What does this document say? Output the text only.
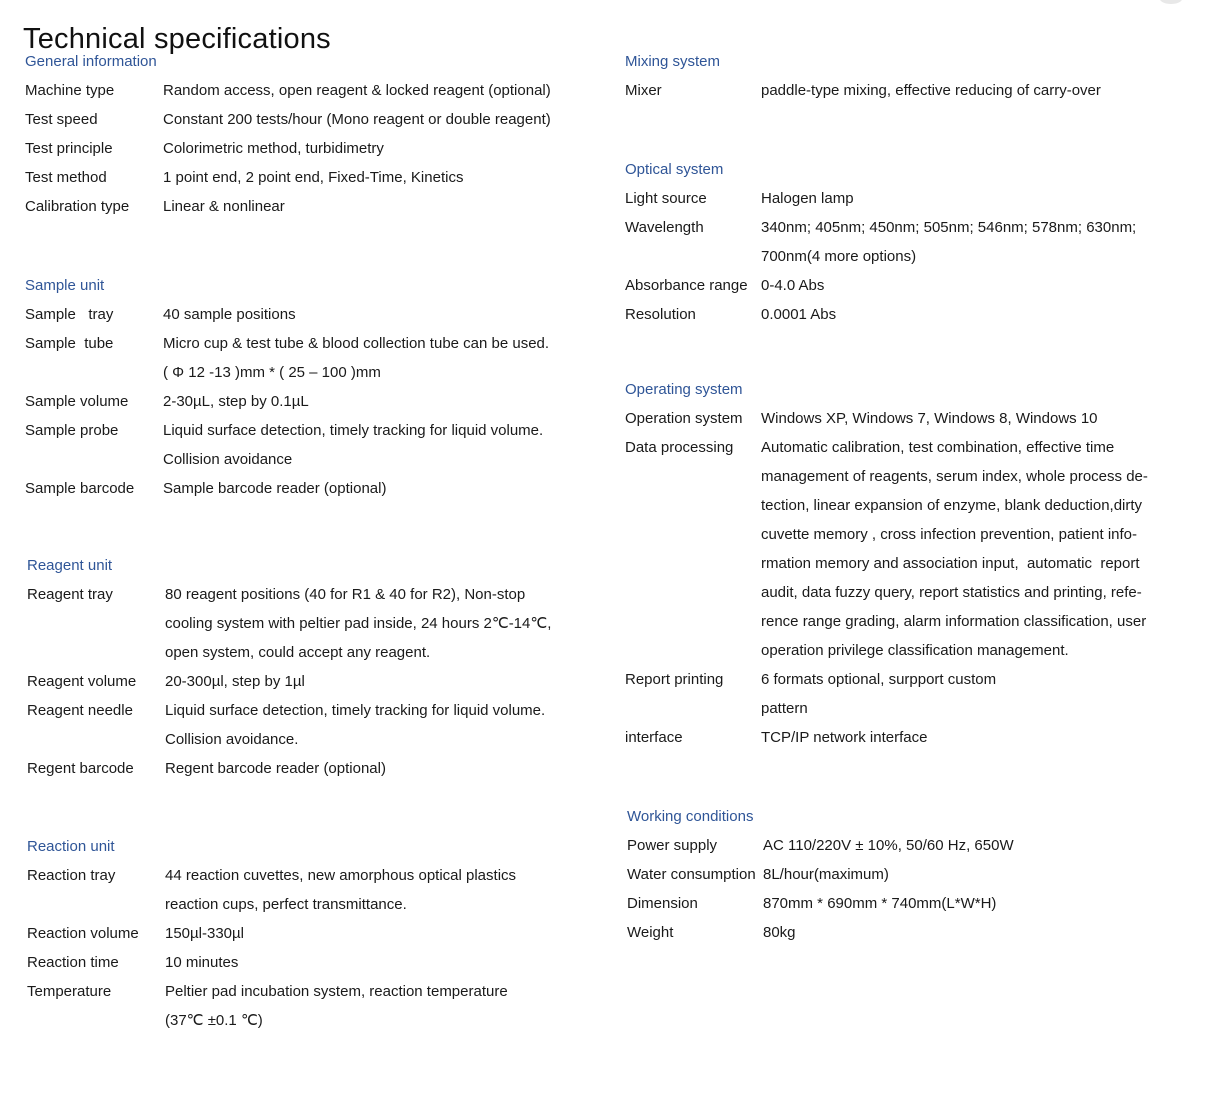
Technical specifications
General information
Machine type	Random access, open reagent & locked reagent (optional)
Test speed	Constant 200 tests/hour (Mono reagent or double reagent)
Test principle	Colorimetric method, turbidimetry
Test method	1 point end, 2 point end, Fixed-Time, Kinetics
Calibration type	Linear & nonlinear
Sample unit
Sample   tray	40 sample positions
Sample  tube	Micro cup & test tube & blood collection tube can be used.
( Φ 12 -13 )mm * ( 25 – 100 )mm
Sample volume	2-30µL, step by 0.1µL
Sample probe	Liquid surface detection, timely tracking for liquid volume.
Collision avoidance
Sample barcode	Sample barcode reader (optional)
Reagent unit
Reagent tray	80 reagent positions (40 for R1 & 40 for R2), Non-stop
cooling system with peltier pad inside, 24 hours 2℃-14℃,
open system, could accept any reagent.
Reagent volume	20-300µl, step by 1µl
Reagent needle	Liquid surface detection, timely tracking for liquid volume.
Collision avoidance.
Regent barcode	Regent barcode reader (optional)
Reaction unit
Reaction tray	44 reaction cuvettes, new amorphous optical plastics
reaction cups, perfect transmittance.
Reaction volume	150µl-330µl
Reaction time	10 minutes
Temperature	Peltier pad incubation system, reaction temperature
(37℃ ±0.1 ℃)
Mixing system
Mixer	paddle-type mixing, effective reducing of carry-over
Optical system
Light source	Halogen lamp
Wavelength	340nm; 405nm; 450nm; 505nm; 546nm; 578nm; 630nm;
700nm(4 more options)
Absorbance range 0-4.0 Abs
Resolution	0.0001 Abs
Operating system
Operation system	Windows XP, Windows 7, Windows 8, Windows 10
Data processing	Automatic calibration, test combination, effective time
management of reagents, serum index, whole process de-
tection, linear expansion of enzyme, blank deduction,dirty
cuvette memory , cross infection prevention, patient info-
rmation memory and association input,  automatic  report
audit, data fuzzy query, report statistics and printing, refe-
rence range grading, alarm information classification, user
operation privilege classification management.
Report printing	6 formats optional, surpport custom
pattern
interface	TCP/IP network interface
Working conditions
Power supply	AC 110/220V ± 10%, 50/60 Hz, 650W
Water consumption 8L/hour(maximum)
Dimension	870mm * 690mm * 740mm(L*W*H)
Weight	80kg
